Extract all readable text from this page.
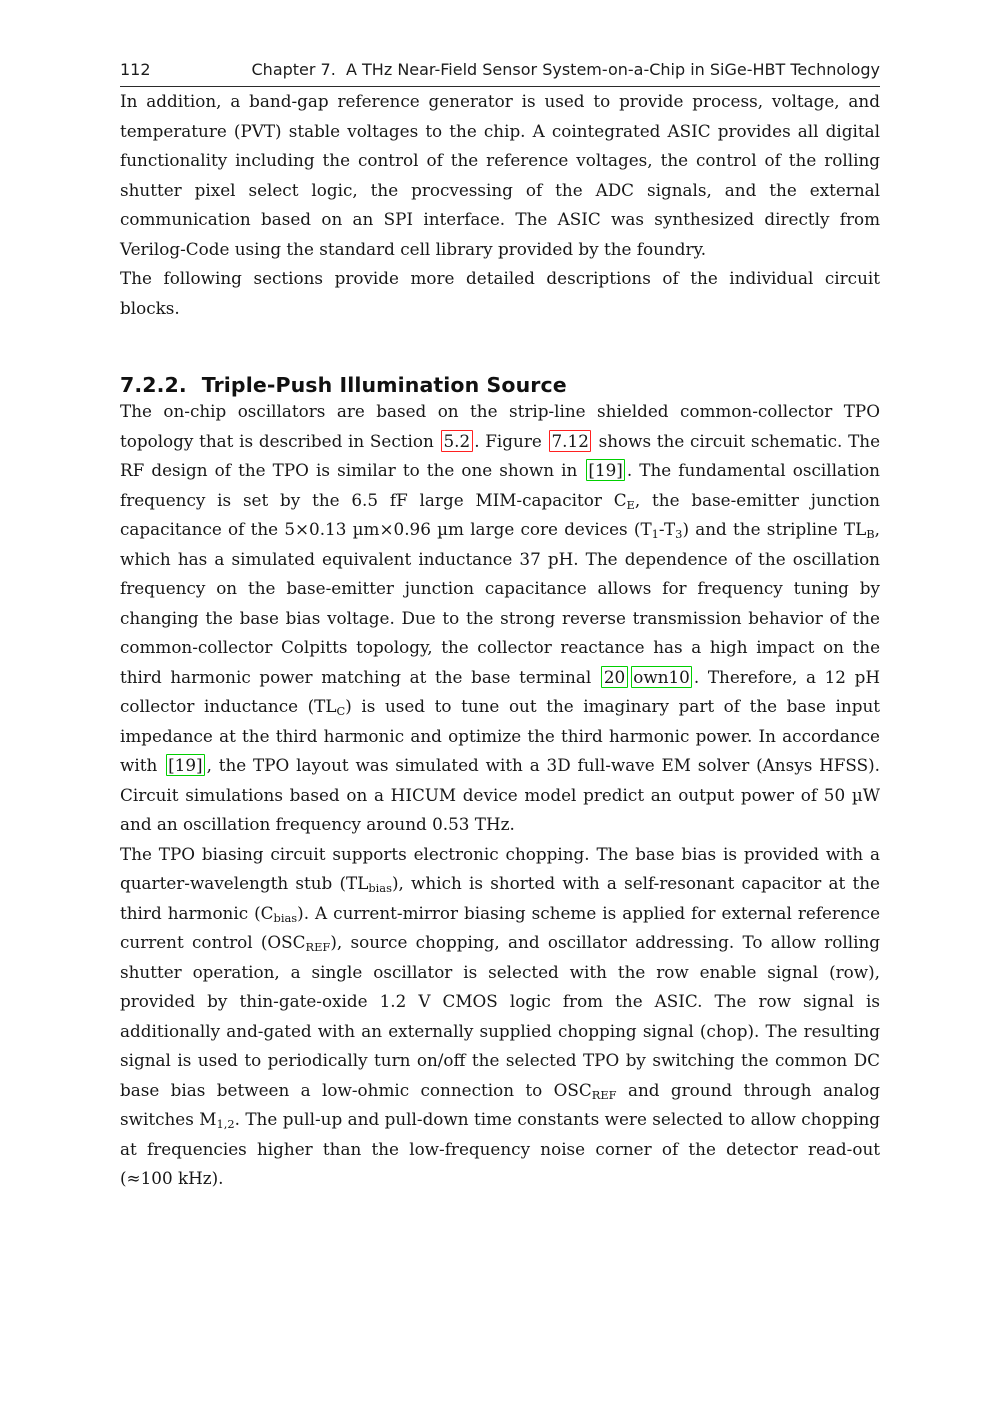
112	Chapter 7.  A THz Near-Field Sensor System-on-a-Chip in SiGe-HBT Technology

In addition, a band-gap reference generator is used to provide process, voltage, and temperature (PVT) stable voltages to the chip. A cointegrated ASIC provides all digital functionality including the control of the reference voltages, the control of the rolling shutter pixel select logic, the procvessing of the ADC signals, and the external communication based on an SPI interface. The ASIC was synthesized directly from Verilog-Code using the standard cell library provided by the foundry.

The following sections provide more detailed descriptions of the individual circuit blocks.

7.2.2. Triple-Push Illumination Source

The on-chip oscillators are based on the strip-line shielded common-collector TPO topology that is described in Section 5.2 . Figure 7.12 shows the circuit schematic. The RF design of the TPO is similar to the one shown in [19] . The fundamental oscillation frequency is set by the 6.5 fF large MIM-capacitor $C_E$, the base-emitter junction capacitance of the 5×0.13 µm×0.96 µm large core devices $(T_1-T_3)$ and the stripline $TL_B$, which has a simulated equivalent inductance 37 pH. The dependence of the oscillation frequency on the base-emitter junction capacitance allows for frequency tuning by changing the base bias voltage. Due to the strong reverse transmission behavior of the common-collector Colpitts topology, the collector reactance has a high impact on the third harmonic power matching at the base terminal 20 own10 . Therefore, a 12 pH collector inductance $(TL_C)$ is used to tune out the imaginary part of the base input impedance at the third harmonic and optimize the third harmonic power. In accordance with [19] , the TPO layout was simulated with a 3D full-wave EM solver (Ansys HFSS). Circuit simulations based on a HICUM device model predict an output power of 50 µW and an oscillation frequency around 0.53 THz.

The TPO biasing circuit supports electronic chopping. The base bias is provided with a quarter-wavelength stub $(TL_{bias})$, which is shorted with a self-resonant capacitor at the third harmonic $(C_{bias})$. A current-mirror biasing scheme is applied for external reference current control $(OSC_{REF})$, source chopping, and oscillator addressing. To allow rolling shutter operation, a single oscillator is selected with the row enable signal (row), provided by thin-gate-oxide 1.2 V CMOS logic from the ASIC. The row signal is additionally and-gated with an externally supplied chopping signal (chop). The resulting signal is used to periodically turn on/off the selected TPO by switching the common DC base bias between a low-ohmic connection to $OSC_{REF}$ and ground through analog switches $M_{1,2}$. The pull-up and pull-down time constants were selected to allow chopping at frequencies higher than the low-frequency noise corner of the detector read-out (≈100 kHz).
